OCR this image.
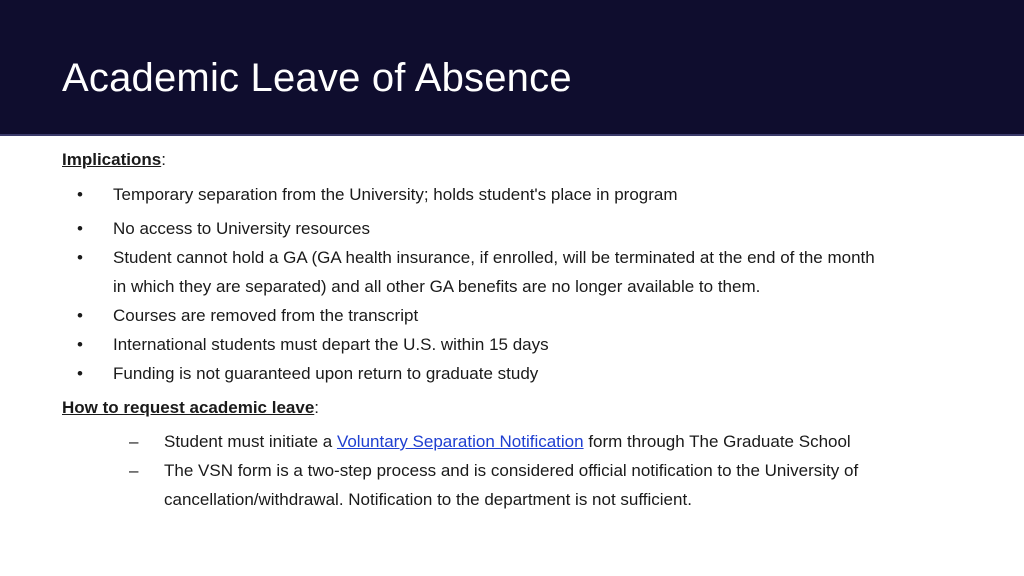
Academic Leave of Absence
Implications:
• Temporary separation from the University; holds student's place in program
• No access to University resources
• Student cannot hold a GA (GA health insurance, if enrolled, will be terminated at the end of the month
in which they are separated) and all other GA benefits are no longer available to them.
• Courses are removed from the transcript
• International students must depart the U.S. within 15 days
• Funding is not guaranteed upon return to graduate study
How to request academic leave:
– Student must initiate a Voluntary Separation Notification form through The Graduate School
– The VSN form is a two-step process and is considered official notification to the University of
cancellation/withdrawal. Notification to the department is not sufficient.
